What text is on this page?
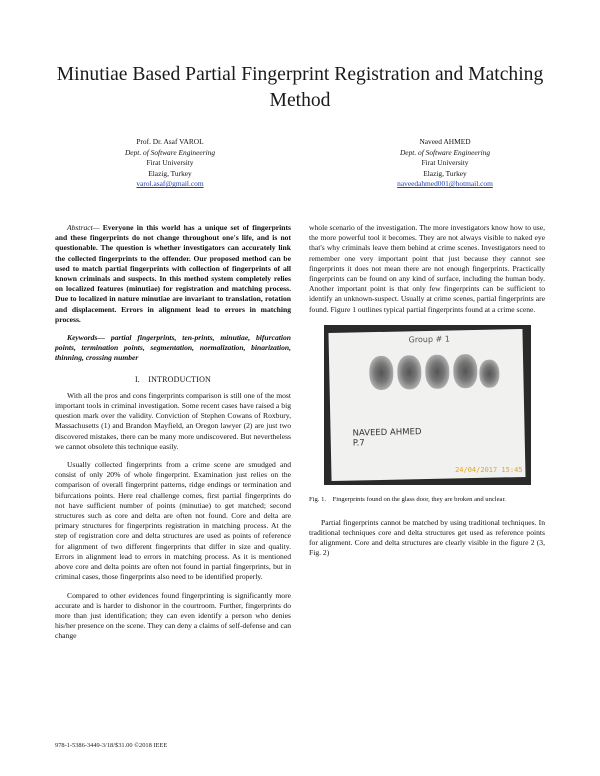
Minutiae Based Partial Fingerprint Registration and Matching Method
Prof. Dr. Asaf VAROL
Dept. of Software Engineering
Firat University
Elazig, Turkey
varol.asaf@gmail.com
Naveed AHMED
Dept. of Software Engineering
Firat University
Elazig, Turkey
naveedahmed001@hotmail.com

Abstract— Everyone in this world has a unique set of fingerprints and these fingerprints do not change throughout one's life, and is not questionable. The question is whether investigators can accurately link the collected fingerprints to the offender. Our proposed method can be used to match partial fingerprints with collection of fingerprints of all known criminals and suspects. In this method system completely relies on localized features (minutiae) for registration and matching process. Due to localized in nature minutiae are invariant to translation, rotation and displacement. Errors in alignment lead to errors in matching process.

Keywords— partial fingerprints, ten-prints, minutiae, bifurcation points, termination points, segmentation, normalization, binarization, thinning, crossing number

I. INTRODUCTION

With all the pros and cons fingerprints comparison is still one of the most important tools in criminal investigation. Some recent cases have raised a big question mark over the validity. Conviction of Stephen Cowans of Roxbury, Massachusetts (1) and Brandon Mayfield, an Oregon lawyer (2) are just two discovered mistakes, there can be many more undiscovered. But nevertheless we cannot obsolete this technique easily.

Usually collected fingerprints from a crime scene are smudged and consist of only 20% of whole fingerprint. Examination just relies on the comparison of overall fingerprint patterns, ridge endings or termination and bifurcations points. Here real challenge comes, first partial fingerprints do not have sufficient number of points (minutiae) to get matched; second structures such as core and delta are often not found. Core and delta are primary structures for fingerprints registration in matching process. At the step of registration core and delta structures are used as points of reference for alignment of two different fingerprints that differ in size and quality. Errors in alignment lead to errors in matching process. As it is mentioned above core and delta points are often not found in partial fingerprints, but in criminal cases, those fingerprints also need to be identified properly.

Compared to other evidences found fingerprinting is significantly more accurate and is harder to dishonor in the courtroom. Further, fingerprints do more than just identification; they can even identify a person who denies his/her presence on the scene. They can deny a claims of self-defense and can change

whole scenario of the investigation. The more investigators know how to use, the more powerful tool it becomes. They are not always visible to naked eye that's why criminals leave them behind at crime scenes. Investigators need to remember one very important point that just because they cannot see fingerprints it does not mean there are not enough fingerprints. Practically fingerprints can be found on any kind of surface, including the human body. Another important point is that only few fingerprints can be sufficient to identify an unknown-suspect. Usually at crime scenes, partial fingerprints are found. Figure 1 outlines typical partial fingerprints found at a crime scene.

Group # 1
NAVEED AHMED
P.7
24/04/2017 15:45
Fig. 1. Fingerprints found on the glass door, they are broken and unclear.

Partial fingerprints cannot be matched by using traditional techniques. In traditional techniques core and delta structures get used as reference points for alignment. Core and delta structures are clearly visible in the figure 2 (3, Fig. 2)

978-1-5386-3449-3/18/$31.00 ©2018 IEEE
